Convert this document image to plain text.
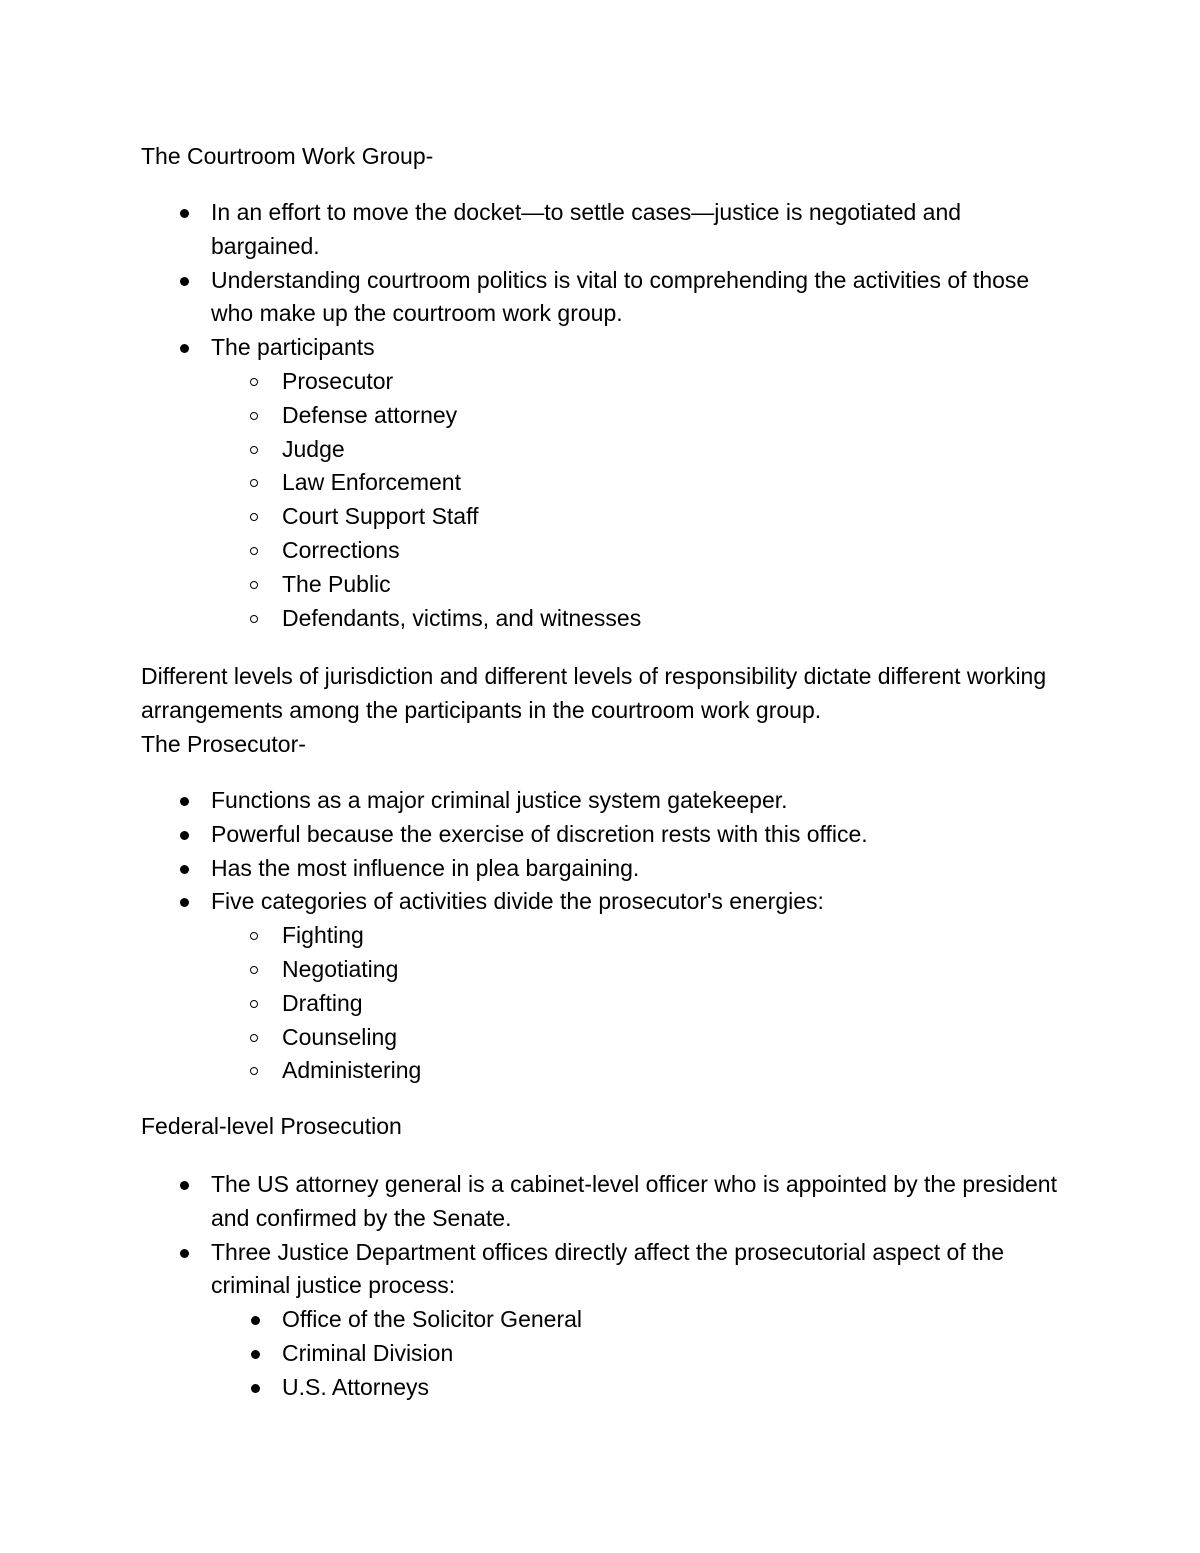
The Courtroom Work Group-

In an effort to move the docket—to settle cases—justice is negotiated and bargained.
Understanding courtroom politics is vital to comprehending the activities of those who make up the courtroom work group.
The participants
Prosecutor
Defense attorney
Judge
Law Enforcement
Court Support Staff
Corrections
The Public
Defendants, victims, and witnesses

Different levels of jurisdiction and different levels of responsibility dictate different working arrangements among the participants in the courtroom work group.

The Prosecutor-

Functions as a major criminal justice system gatekeeper.
Powerful because the exercise of discretion rests with this office.
Has the most influence in plea bargaining.
Five categories of activities divide the prosecutor's energies:
Fighting
Negotiating
Drafting
Counseling
Administering

Federal-level Prosecution

The US attorney general is a cabinet-level officer who is appointed by the president and confirmed by the Senate.
Three Justice Department offices directly affect the prosecutorial aspect of the criminal justice process:
Office of the Solicitor General
Criminal Division
U.S. Attorneys
